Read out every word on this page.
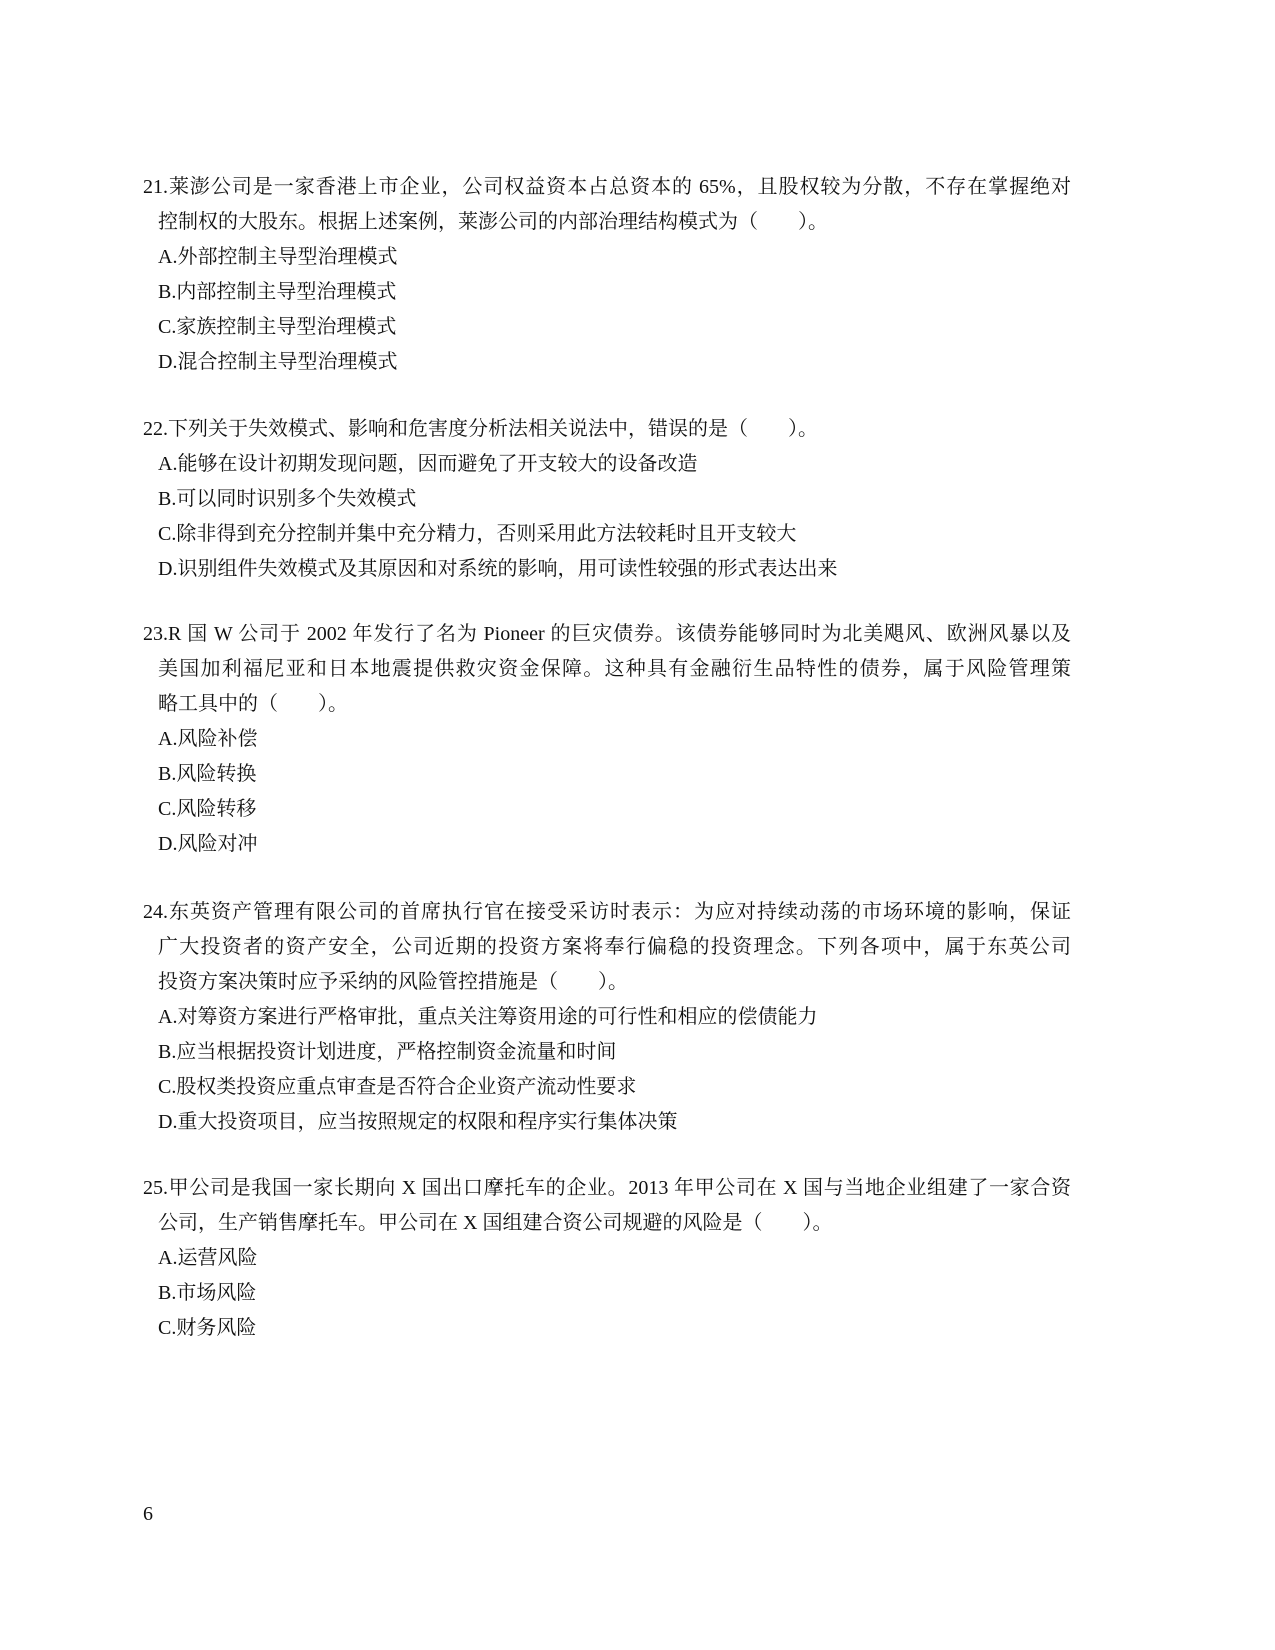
21.莱澎公司是一家香港上市企业，公司权益资本占总资本的 65%，且股权较为分散，不存在掌握绝对
控制权的大股东。根据上述案例，莱澎公司的内部治理结构模式为（　　）。
A.外部控制主导型治理模式
B.内部控制主导型治理模式
C.家族控制主导型治理模式
D.混合控制主导型治理模式
22.下列关于失效模式、影响和危害度分析法相关说法中，错误的是（　　）。
A.能够在设计初期发现问题，因而避免了开支较大的设备改造
B.可以同时识别多个失效模式
C.除非得到充分控制并集中充分精力，否则采用此方法较耗时且开支较大
D.识别组件失效模式及其原因和对系统的影响，用可读性较强的形式表达出来
23.R 国 W 公司于 2002 年发行了名为 Pioneer 的巨灾债券。该债券能够同时为北美飓风、欧洲风暴以及
美国加利福尼亚和日本地震提供救灾资金保障。这种具有金融衍生品特性的债券，属于风险管理策
略工具中的（　　）。
A.风险补偿
B.风险转换
C.风险转移
D.风险对冲
24.东英资产管理有限公司的首席执行官在接受采访时表示：为应对持续动荡的市场环境的影响，保证
广大投资者的资产安全，公司近期的投资方案将奉行偏稳的投资理念。下列各项中，属于东英公司
投资方案决策时应予采纳的风险管控措施是（　　）。
A.对筹资方案进行严格审批，重点关注筹资用途的可行性和相应的偿债能力
B.应当根据投资计划进度，严格控制资金流量和时间
C.股权类投资应重点审查是否符合企业资产流动性要求
D.重大投资项目，应当按照规定的权限和程序实行集体决策
25.甲公司是我国一家长期向 X 国出口摩托车的企业。2013 年甲公司在 X 国与当地企业组建了一家合资
公司，生产销售摩托车。甲公司在 X 国组建合资公司规避的风险是（　　）。
A.运营风险
B.市场风险
C.财务风险
6
